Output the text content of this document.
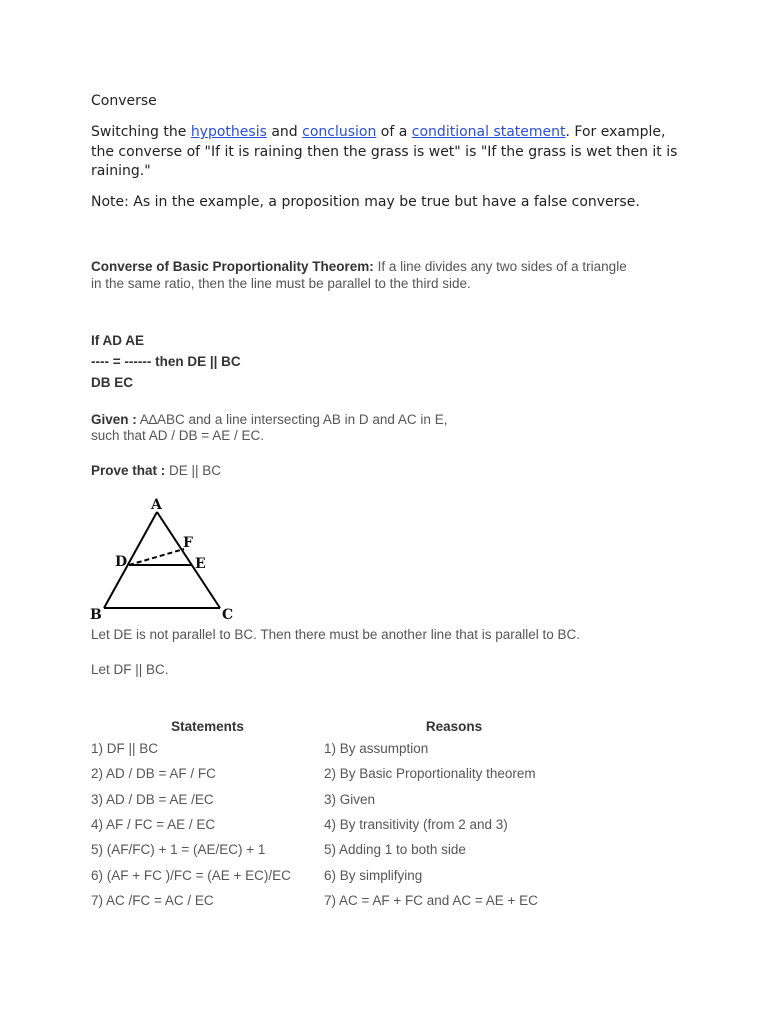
Converse
Switching the hypothesis and conclusion of a conditional statement. For example,
the converse of "If it is raining then the grass is wet" is "If the grass is wet then it is
raining."
Note: As in the example, a proposition may be true but have a false converse.
Converse of Basic Proportionality Theorem: If a line divides any two sides of a triangle
in the same ratio, then the line must be parallel to the third side.
If AD AE
---- = ------ then DE || BC
DB EC
Given : A∆ABC and a line intersecting AB in D and AC in E,
such that AD / DB = AE / EC.
Prove that : DE || BC
Let DE is not parallel to BC. Then there must be another line that is parallel to BC.
Let DF || BC.
Statements	Reasons
1) DF || BC	1) By assumption
2) AD / DB = AF / FC	2) By Basic Proportionality theorem
3) AD / DB = AE /EC	3) Given
4) AF / FC = AE / EC	4) By transitivity (from 2 and 3)
5) (AF/FC) + 1 = (AE/EC) + 1	5) Adding 1 to both side
6) (AF + FC )/FC = (AE + EC)/EC	6) By simplifying
7) AC /FC = AC / EC	7) AC = AF + FC and AC = AE + EC
A
B	C
D	E
F
